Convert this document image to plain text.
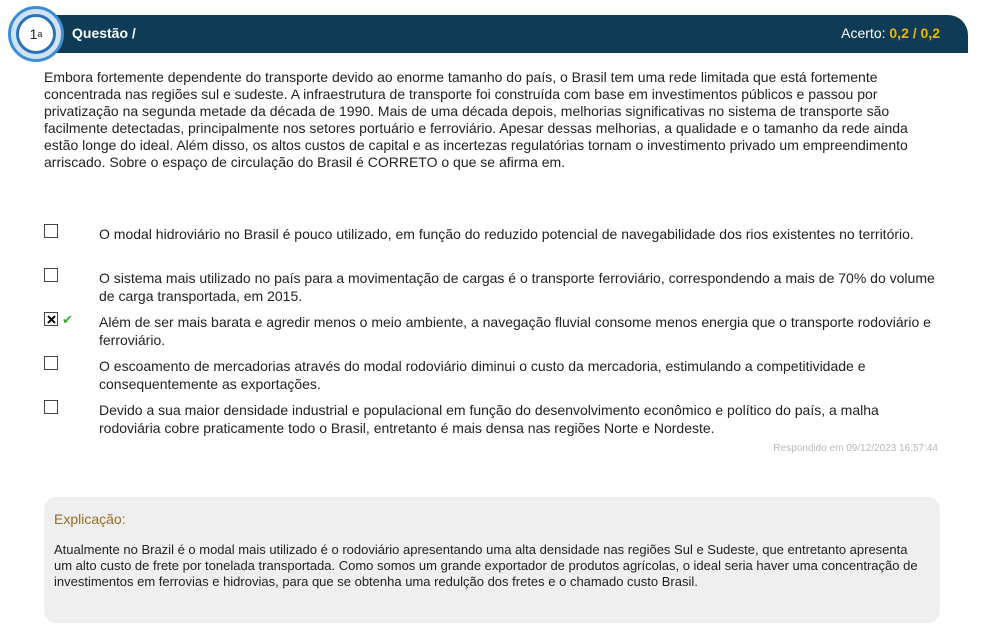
Questão /	Acerto: 0,2 / 0,2
1 a
Embora fortemente dependente do transporte devido ao enorme tamanho do país, o Brasil tem uma rede limitada que está fortemente concentrada nas regiões sul e sudeste. A infraestrutura de transporte foi construída com base em investimentos públicos e passou por privatização na segunda metade da década de 1990. Mais de uma década depois, melhorias significativas no sistema de transporte são facilmente detectadas, principalmente nos setores portuário e ferroviário. Apesar dessas melhorias, a qualidade e o tamanho da rede ainda estão longe do ideal. Além disso, os altos custos de capital e as incertezas regulatórias tornam o investimento privado um empreendimento arriscado. Sobre o espaço de circulação do Brasil é CORRETO o que se afirma em.
O modal hidroviário no Brasil é pouco utilizado, em função do reduzido potencial de navegabilidade dos rios existentes no território.
O sistema mais utilizado no país para a movimentação de cargas é o transporte ferroviário, correspondendo a mais de 70% do volume de carga transportada, em 2015.
✔ Além de ser mais barata e agredir menos o meio ambiente, a navegação fluvial consome menos energia que o transporte rodoviário e ferroviário.
O escoamento de mercadorias através do modal rodoviário diminui o custo da mercadoria, estimulando a competitividade e consequentemente as exportações.
Devido a sua maior densidade industrial e populacional em função do desenvolvimento econômico e político do país, a malha rodoviária cobre praticamente todo o Brasil, entretanto é mais densa nas regiões Norte e Nordeste.
Respondido em 09/12/2023 16:57:44
Explicação:
Atualmente no Brazil é o modal mais utilizado é o rodoviário apresentando uma alta densidade nas regiões Sul e Sudeste, que entretanto apresenta um alto custo de frete por tonelada transportada. Como somos um grande exportador de produtos agrícolas, o ideal seria haver uma concentração de investimentos em ferrovias e hidrovias, para que se obtenha uma redulção dos fretes e o chamado custo Brasil.
